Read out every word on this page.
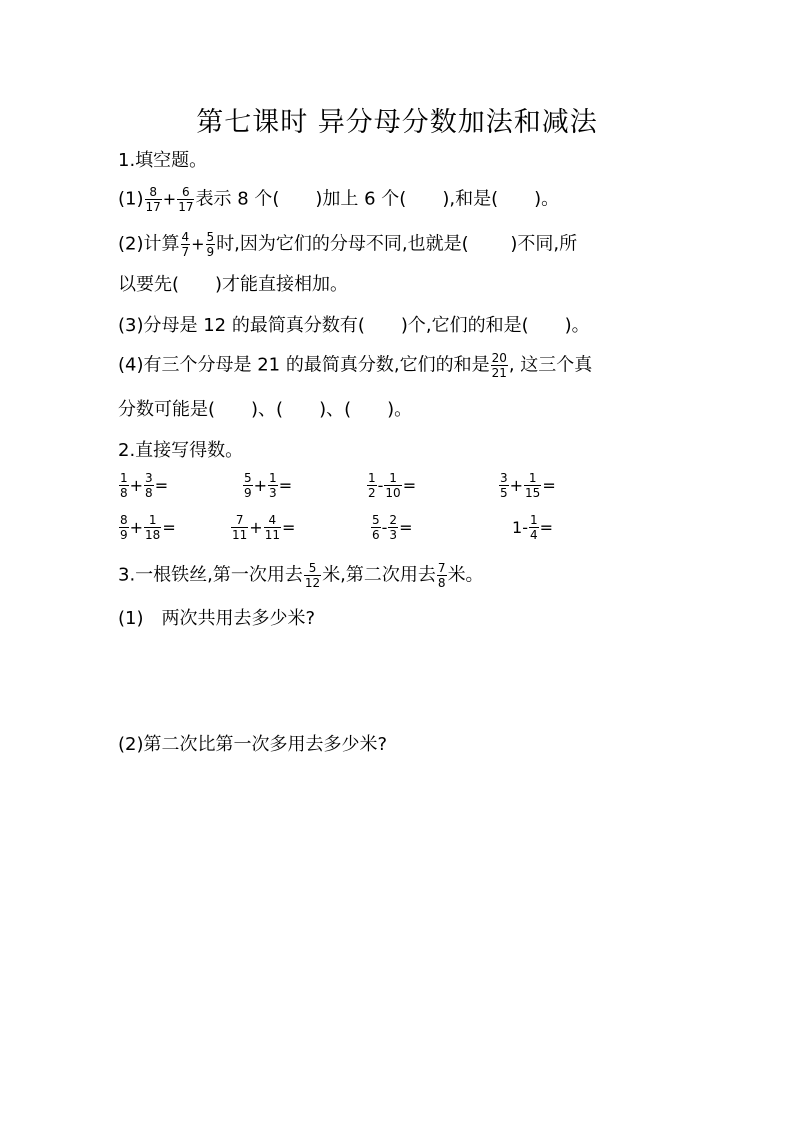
第七课时 异分母分数加法和减法
1.填空题。
$(1) \frac{8}{17} + \frac{6}{17}$ 表示 8 个(　　)加上 6 个(　　),和是(　　)。
(2)计算 $\frac{4}{7} + \frac{5}{9}$ 时,因为它们的分母不同,也就是(　　 )不同,所
以要先(　　)才能直接相加。
(3)分母是 12 的最简真分数有(　　)个,它们的和是(　　)。
(4)有三个分母是 21 的最简真分数,它们的和是 $\frac{20}{21}$ , 这三个真
分数可能是(　　)、(　　)、(　　)。
2.直接写得数。
$\frac{1}{8} + \frac{3}{8}$ =	$\frac{5}{9} + \frac{1}{3}$ =	$\frac{1}{2} - \frac{1}{10}$ =	$\frac{3}{5} + \frac{1}{15}$ =
$\frac{8}{9} + \frac{1}{18}$ =	$\frac{7}{11} + \frac{4}{11}$ =	$\frac{5}{6} - \frac{2}{3}$ =	$1- \frac{1}{4}$ =
3.一根铁丝,第一次用去 $\frac{5}{12}$ 米,第二次用去 $\frac{7}{8}$ 米。
(1)　两次共用去多少米?
(2)第二次比第一次多用去多少米?
